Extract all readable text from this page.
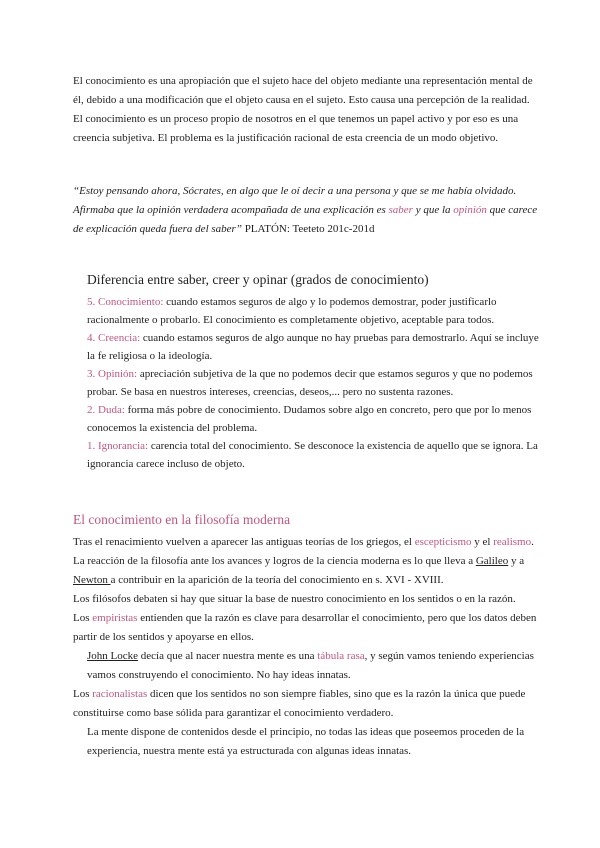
El conocimiento es una apropiación que el sujeto hace del objeto mediante una representación mental de él, debido a una modificación que el objeto causa en el sujeto. Esto causa una percepción de la realidad.

El conocimiento es un proceso propio de nosotros en el que tenemos un papel activo y por eso es una creencia subjetiva. El problema es la justificación racional de esta creencia de un modo objetivo.

“Estoy pensando ahora, Sócrates, en algo que le oí decir a una persona y que se me había olvidado. Afirmaba que la opinión verdadera acompañada de una explicación es saber y que la opinión que carece de explicación queda fuera del saber” PLATÓN: Teeteto 201c-201d
Diferencia entre saber, creer y opinar (grados de conocimiento)

5. Conocimiento: cuando estamos seguros de algo y lo podemos demostrar, poder justificarlo racionalmente o probarlo. El conocimiento es completamente objetivo, aceptable para todos.

4. Creencia: cuando estamos seguros de algo aunque no hay pruebas para demostrarlo. Aquí se incluye la fe religiosa o la ideología.

3. Opinión: apreciación subjetiva de la que no podemos decir que estamos seguros y que no podemos probar. Se basa en nuestros intereses, creencias, deseos,... pero no sustenta razones.

2. Duda: forma más pobre de conocimiento. Dudamos sobre algo en concreto, pero que por lo menos conocemos la existencia del problema.

1. Ignorancia: carencia total del conocimiento. Se desconoce la existencia de aquello que se ignora. La ignorancia carece incluso de objeto.

El conocimiento en la filosofía moderna

Tras el renacimiento vuelven a aparecer las antiguas teorías de los griegos, el escepticismo y el realismo. La reacción de la filosofía ante los avances y logros de la ciencia moderna es lo que lleva a Galileo y a Newton a contribuir en la aparición de la teoría del conocimiento en s. XVI - XVIII.

Los filósofos debaten si hay que situar la base de nuestro conocimiento en los sentidos o en la razón.

Los empiristas entienden que la razón es clave para desarrollar el conocimiento, pero que los datos deben partir de los sentidos y apoyarse en ellos.

John Locke decía que al nacer nuestra mente es una tábula rasa, y según vamos teniendo experiencias vamos construyendo el conocimiento. No hay ideas innatas.

Los racionalistas dicen que los sentidos no son siempre fiables, sino que es la razón la única que puede constituirse como base sólida para garantizar el conocimiento verdadero.

La mente dispone de contenidos desde el principio, no todas las ideas que poseemos proceden de la experiencia, nuestra mente está ya estructurada con algunas ideas innatas.
